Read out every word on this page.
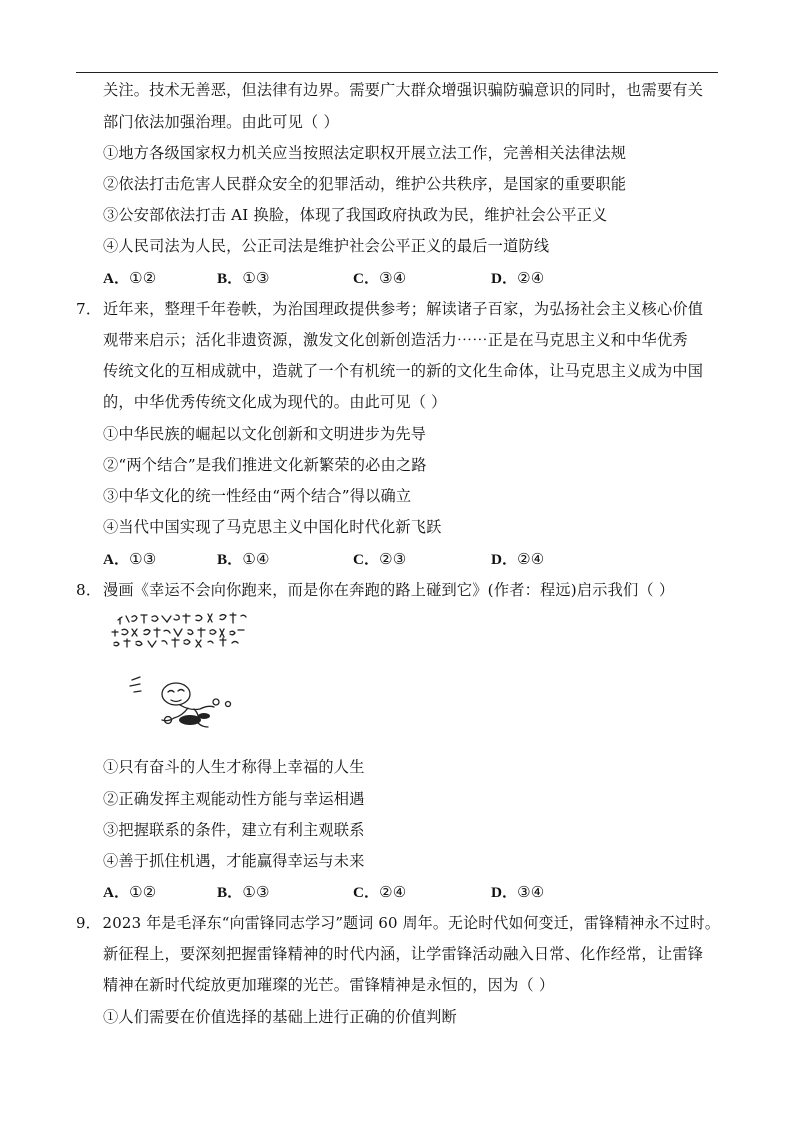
关注。技术无善恶，但法律有边界。需要广大群众增强识骗防骗意识的同时，也需要有关
部门依法加强治理。由此可见（ ）
①地方各级国家权力机关应当按照法定职权开展立法工作，完善相关法律法规
②依法打击危害人民群众安全的犯罪活动，维护公共秩序，是国家的重要职能
③公安部依法打击 AI 换脸，体现了我国政府执政为民，维护社会公平正义
④人民司法为人民，公正司法是维护社会公平正义的最后一道防线
A．①②	B．①③	C．③④	D．②④
7． 近年来，整理千年卷帙，为治国理政提供参考；解读诸子百家，为弘扬社会主义核心价值
观带来启示；活化非遗资源，激发文化创新创造活力⋯⋯正是在马克思主义和中华优秀
传统文化的互相成就中，造就了一个有机统一的新的文化生命体，让马克思主义成为中国
的，中华优秀传统文化成为现代的。由此可见（ ）
①中华民族的崛起以文化创新和文明进步为先导
②“两个结合”是我们推进文化新繁荣的必由之路
③中华文化的统一性经由“两个结合”得以确立
④当代中国实现了马克思主义中国化时代化新飞跃
A．①③	B．①④	C．②③	D．②④
8． 漫画《幸运不会向你跑来，而是你在奔跑的路上碰到它》(作者：程远)启示我们（ ）
①只有奋斗的人生才称得上幸福的人生
②正确发挥主观能动性方能与幸运相遇
③把握联系的条件，建立有利主观联系
④善于抓住机遇，才能赢得幸运与未来
A．①②	B．①③	C．②④	D．③④
9． 2023 年是毛泽东“向雷锋同志学习”题词 60 周年。无论时代如何变迁，雷锋精神永不过时。
新征程上，要深刻把握雷锋精神的时代内涵，让学雷锋活动融入日常、化作经常，让雷锋
精神在新时代绽放更加璀璨的光芒。雷锋精神是永恒的，因为（ ）
①人们需要在价值选择的基础上进行正确的价值判断
